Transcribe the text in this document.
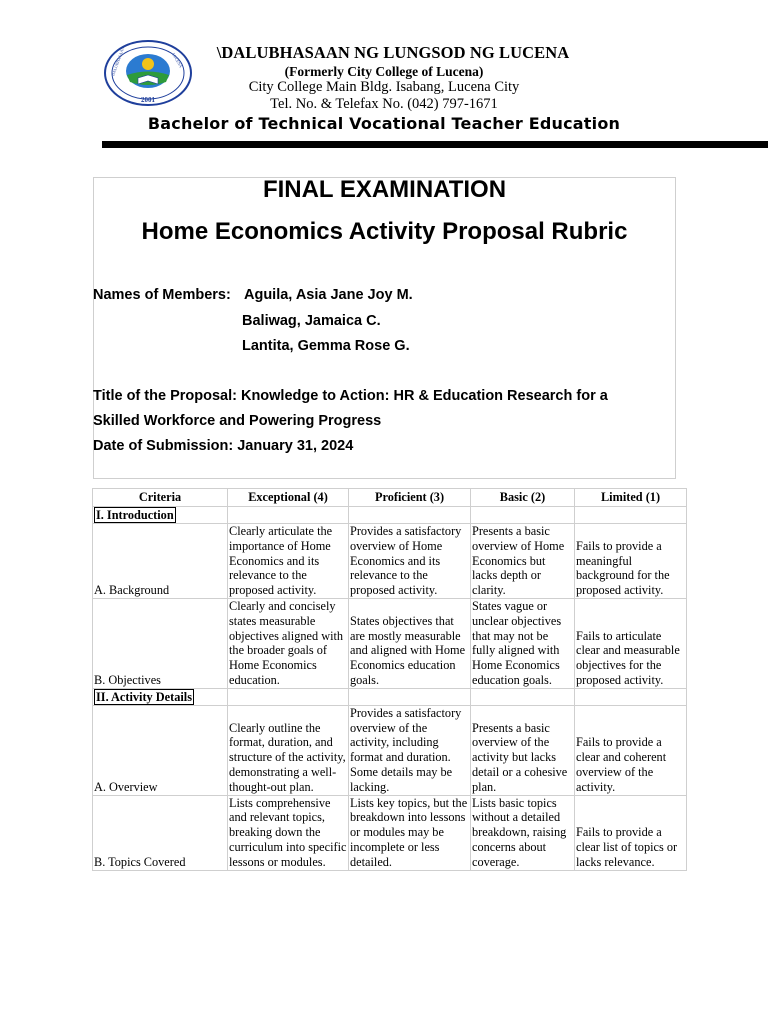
2001
DALUBHASAAN	LUCENA	\DALUBHASAAN NG LUNGSOD NG LUCENA
(Formerly City College of Lucena)
City College Main Bldg. Isabang, Lucena City
Tel. No. & Telefax No. (042) 797-1671
Bachelor of Technical Vocational Teacher Education
FINAL EXAMINATION
Home Economics Activity Proposal Rubric
Names of Members: Aguila, Asia Jane Joy M.
Baliwag, Jamaica C.
Lantita, Gemma Rose G.
Title of the Proposal: Knowledge to Action: HR & Education Research for a
Skilled Workforce and Powering Progress
Date of Submission: January 31, 2024
Criteria	Exceptional (4)	Proficient (3)	Basic (2)	Limited (1)
I. Introduction				
A. Background	Clearly articulate the importance of Home Economics and its relevance to the proposed activity.	Provides a satisfactory overview of Home Economics and its relevance to the proposed activity.	Presents a basic overview of Home Economics but lacks depth or clarity.	Fails to provide a meaningful background for the proposed activity.
B. Objectives	Clearly and concisely states measurable objectives aligned with the broader goals of Home Economics education.	States objectives that are mostly measurable and aligned with Home Economics education goals.	States vague or unclear objectives that may not be fully aligned with Home Economics education goals.	Fails to articulate clear and measurable objectives for the proposed activity.
II. Activity Details				
A. Overview	Clearly outline the format, duration, and structure of the activity, demonstrating a well-thought-out plan.	Provides a satisfactory overview of the activity, including format and duration. Some details may be lacking.	Presents a basic overview of the activity but lacks detail or a cohesive plan.	Fails to provide a clear and coherent overview of the activity.
B. Topics Covered	Lists comprehensive and relevant topics, breaking down the curriculum into specific lessons or modules.	Lists key topics, but the breakdown into lessons or modules may be incomplete or less detailed.	Lists basic topics without a detailed breakdown, raising concerns about coverage.	Fails to provide a clear list of topics or lacks relevance.
